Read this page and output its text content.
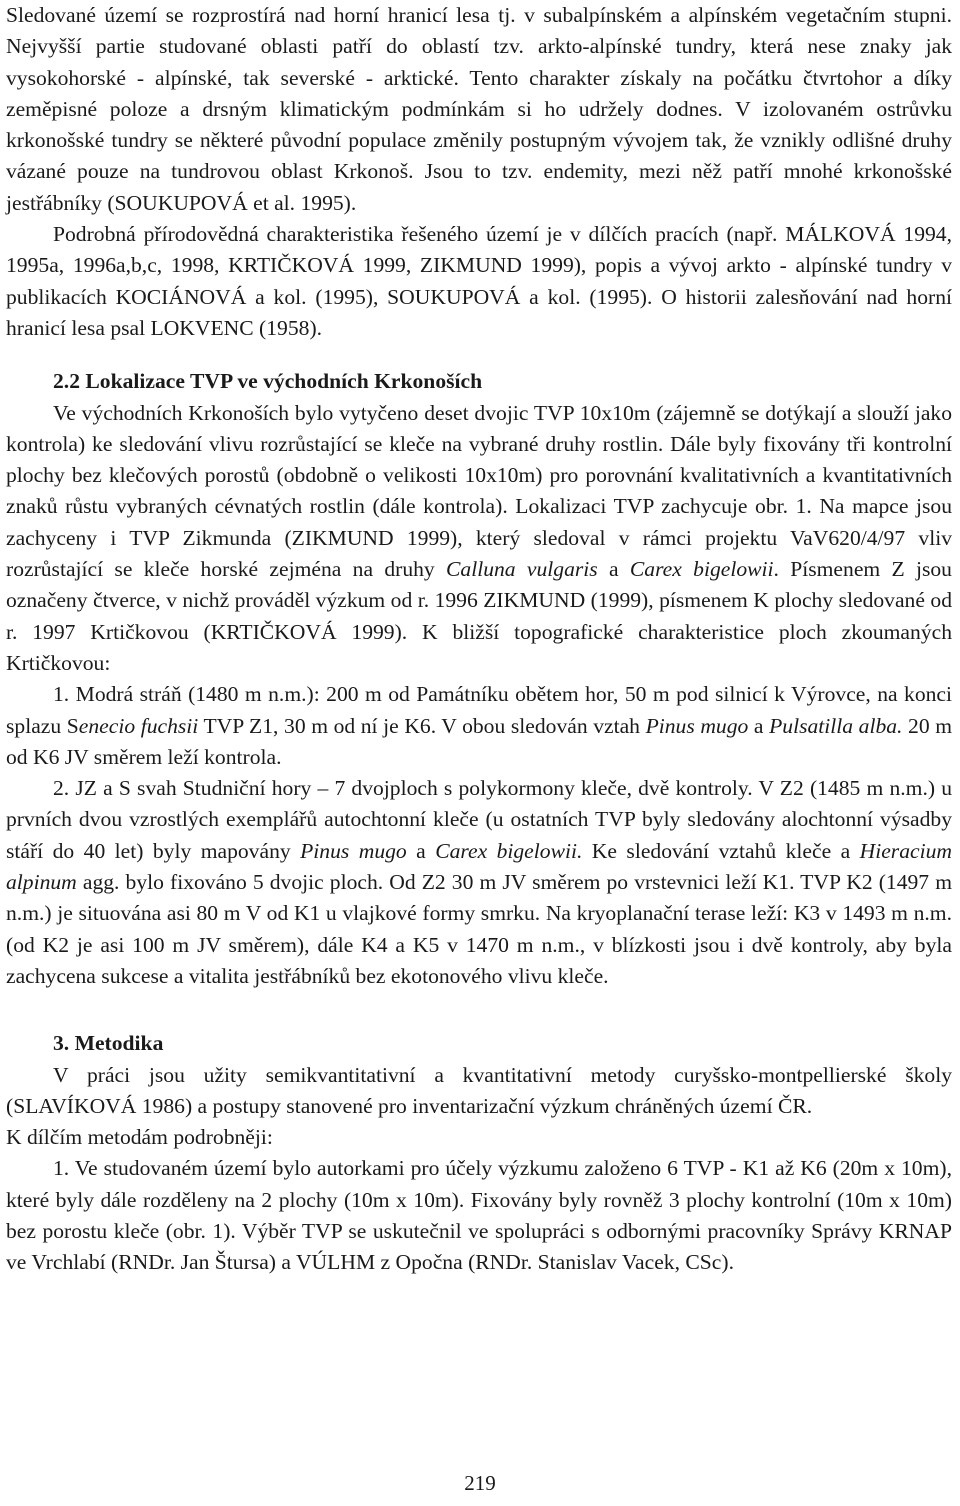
Sledované území se rozprostírá nad horní hranicí lesa tj. v subalpínském a alpínském vegetačním stupni. Nejvyšší partie studované oblasti patří do oblastí tzv. arkto-alpínské tundry, která nese znaky jak vysokohorské - alpínské, tak severské - arktické. Tento charakter získaly na počátku čtvrtohor a díky zeměpisné poloze a drsným klimatickým podmínkám si ho udržely dodnes. V izolovaném ostrůvku krkonošské tundry se některé původní populace změnily postupným vývojem tak, že vznikly odlišné druhy vázané pouze na tundrovou oblast Krkonoš. Jsou to tzv. endemity, mezi něž patří mnohé krkonošské jestřábníky (SOUKUPOVÁ et al. 1995).

Podrobná přírodovědná charakteristika řešeného území je v dílčích pracích (např. MÁLKOVÁ 1994, 1995a, 1996a,b,c, 1998, KRTIČKOVÁ 1999, ZIKMUND 1999), popis a vývoj arkto - alpínské tundry v publikacích KOCIÁNOVÁ a kol. (1995), SOUKUPOVÁ a kol. (1995). O historii zalesňování nad horní hranicí lesa psal LOKVENC (1958).

2.2 Lokalizace TVP ve východních Krkonoších

Ve východních Krkonoších bylo vytyčeno deset dvojic TVP 10x10m (zájemně se dotýkají a slouží jako kontrola) ke sledování vlivu rozrůstající se kleče na vybrané druhy rostlin. Dále byly fixovány tři kontrolní plochy bez klečových porostů (obdobně o velikosti 10x10m) pro porovnání kvalitativních a kvantitativních znaků růstu vybraných cévnatých rostlin (dále kontrola). Lokalizaci TVP zachycuje obr. 1. Na mapce jsou zachyceny i TVP Zikmunda (ZIKMUND 1999), který sledoval v rámci projektu VaV620/4/97 vliv rozrůstající se kleče horské zejména na druhy Calluna vulgaris a Carex bigelowii. Písmenem Z jsou označeny čtverce, v nichž prováděl výzkum od r. 1996 ZIKMUND (1999), písmenem K plochy sledované od r. 1997 Krtičkovou (KRTIČKOVÁ 1999). K bližší topografické charakteristice ploch zkoumaných Krtičkovou:

1. Modrá stráň (1480 m n.m.): 200 m od Památníku obětem hor, 50 m pod silnicí k Výrovce, na konci splazu Senecio fuchsii TVP Z1, 30 m od ní je K6. V obou sledován vztah Pinus mugo a Pulsatilla alba. 20 m od K6 JV směrem leží kontrola.

2. JZ a S svah Studniční hory – 7 dvojploch s polykormony kleče, dvě kontroly. V Z2 (1485 m n.m.) u prvních dvou vzrostlých exemplářů autochtonní kleče (u ostatních TVP byly sledovány alochtonní výsadby stáří do 40 let) byly mapovány Pinus mugo a Carex bigelowii. Ke sledování vztahů kleče a Hieracium alpinum agg. bylo fixováno 5 dvojic ploch. Od Z2 30 m JV směrem po vrstevnici leží K1. TVP K2 (1497 m n.m.) je situována asi 80 m V od K1 u vlajkové formy smrku. Na kryoplanační terase leží: K3 v 1493 m n.m. (od K2 je asi 100 m JV směrem), dále K4 a K5 v 1470 m n.m., v blízkosti jsou i dvě kontroly, aby byla zachycena sukcese a vitalita jestřábníků bez ekotonového vlivu kleče.

3. Metodika

V práci jsou užity semikvantitativní a kvantitativní metody curyšsko-montpellierské školy (SLAVÍKOVÁ 1986) a postupy stanovené pro inventarizační výzkum chráněných území ČR.

K dílčím metodám podrobněji:

1. Ve studovaném území bylo autorkami pro účely výzkumu založeno 6 TVP - K1 až K6 (20m x 10m), které byly dále rozděleny na 2 plochy (10m x 10m). Fixovány byly rovněž 3 plochy kontrolní (10m x 10m) bez porostu kleče (obr. 1). Výběr TVP se uskutečnil ve spolupráci s odbornými pracovníky Správy KRNAP ve Vrchlabí (RNDr. Jan Štursa) a VÚLHM z Opočna (RNDr. Stanislav Vacek, CSc).

219
